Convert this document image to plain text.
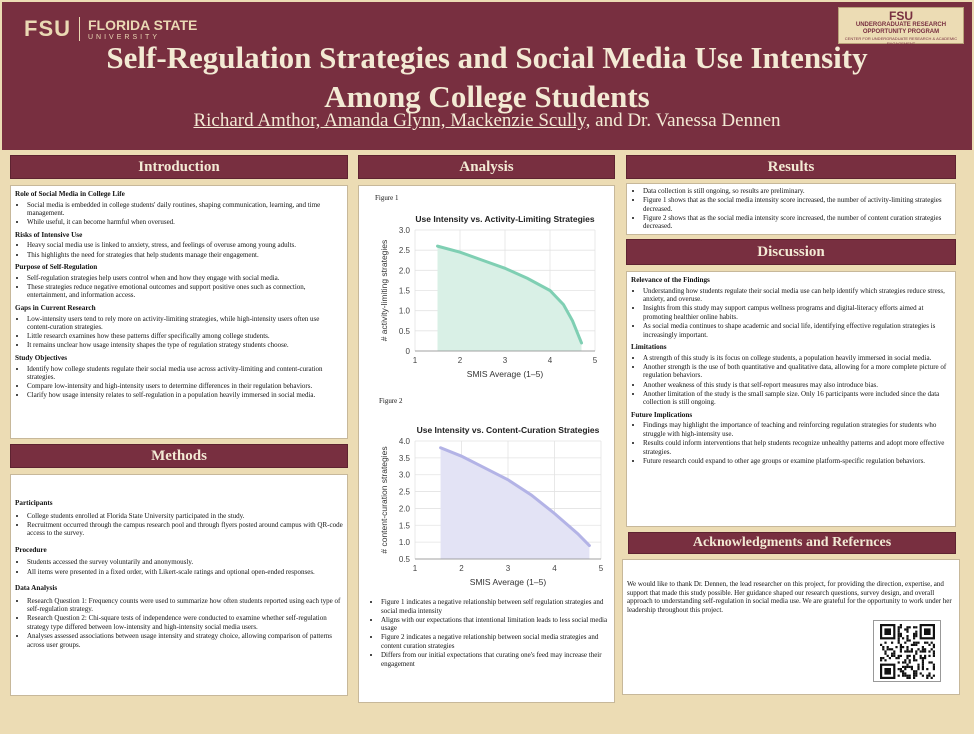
FSU FLORIDA STATE
UNIVERSITY
FSU
UNDERGRADUATE RESEARCH
OPPORTUNITY PROGRAM
CENTER FOR UNDERGRADUATE RESEARCH & ACADEMIC ENGAGEMENT
Self-Regulation Strategies and Social Media Use Intensity
Among College Students
Richard Amthor, Amanda Glynn, Mackenzie Scully, and Dr. Vanessa Dennen
Introduction
Role of Social Media in College Life
• Social media is embedded in college students' daily routines, shaping communication, learning, and time management.
• While useful, it can become harmful when overused.
Risks of Intensive Use
• Heavy social media use is linked to anxiety, stress, and feelings of overuse among young adults.
• This highlights the need for strategies that help students manage their engagement.
Purpose of Self-Regulation
• Self-regulation strategies help users control when and how they engage with social media.
• These strategies reduce negative emotional outcomes and support positive ones such as connection, entertainment, and information access.
Gaps in Current Research
• Low-intensity users tend to rely more on activity-limiting strategies, while high-intensity users often use content-curation strategies.
• Little research examines how these patterns differ specifically among college students.
• It remains unclear how usage intensity shapes the type of regulation strategy students choose.
Study Objectives
• Identify how college students regulate their social media use across activity-limiting and content-curation strategies.
• Compare low-intensity and high-intensity users to determine differences in their regulation behaviors.
• Clarify how usage intensity relates to self-regulation in a population heavily immersed in social media.
Methods
Participants
• College students enrolled at Florida State University participated in the study.
• Recruitment occurred through the campus research pool and through flyers posted around campus with QR-code access to the survey.
Procedure
• Students accessed the survey voluntarily and anonymously.
• All items were presented in a fixed order, with Likert-scale ratings and optional open-ended responses.
Data Analysis
• Research Question 1: Frequency counts were used to summarize how often students reported using each type of self-regulation strategy.
• Research Question 2: Chi-square tests of independence were conducted to examine whether self-regulation strategy type differed between low-intensity and high-intensity social media users.
• Analyses assessed associations between usage intensity and strategy choice, allowing comparison of patterns across user groups.
Analysis
Figure 1
Use Intensity vs. Activity-Limiting Strategies
0
0.5
1.0
1.5
2.0
2.5
3.0
1	2	3	4	5
SMIS Average (1–5)
# activity-limiting strategies
Figure 2
Use Intensity vs. Content-Curation Strategies
0.5
1.0
1.5
2.0
2.5
3.0
3.5
4.0
1	2	3	4	5
SMIS Average (1–5)
# content-curation strategies
• Figure 1 indicates a negative relationship between self regulation strategies and social media intensity
• Aligns with our expectations that intentional limitation leads to less social media usage
• Figure 2 indicates a negative relationship between social media strategies and content curation strategies
• Differs from our initial expectations that curating one's feed may increase their engagement
Results
• Data collection is still ongoing, so results are preliminary.
• Figure 1 shows that as the social media intensity score increased, the number of activity-limiting strategies decreased.
• Figure 2 shows that as the social media intensity score increased, the number of content curation strategies decreased.
Discussion
Relevance of the Findings
• Understanding how students regulate their social media use can help identify which strategies reduce stress, anxiety, and overuse.
• Insights from this study may support campus wellness programs and digital-literacy efforts aimed at promoting healthier online habits.
• As social media continues to shape academic and social life, identifying effective regulation strategies is increasingly important.
Limitations
• A strength of this study is its focus on college students, a population heavily immersed in social media.
• Another strength is the use of both quantitative and qualitative data, allowing for a more complete picture of regulation behaviors.
• Another weakness of this study is that self-report measures may also introduce bias.
• Another limitation of the study is the small sample size. Only 16 participants were included since the data collection is still ongoing.
Future Implications
• Findings may highlight the importance of teaching and reinforcing regulation strategies for students who struggle with high-intensity use.
• Results could inform interventions that help students recognize unhealthy patterns and adopt more effective strategies.
• Future research could expand to other age groups or examine platform-specific regulation behaviors.
Acknowledgments and Refernces
We would like to thank Dr. Dennen, the lead researcher on this project, for providing the direction, expertise, and support that made this study possible. Her guidance shaped our research questions, survey design, and overall approach to understanding self-regulation in social media use. We are grateful for the opportunity to work under her leadership throughout this project.
